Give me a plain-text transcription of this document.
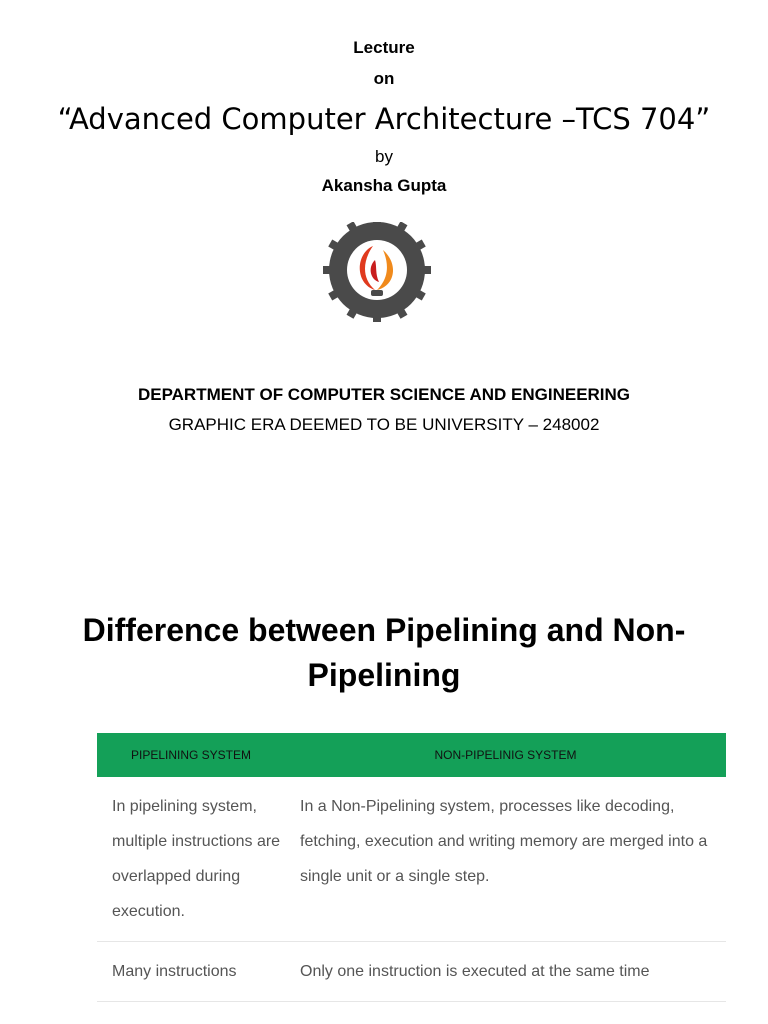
Lecture
on
“Advanced Computer Architecture –TCS 704”
by
Akansha Gupta
DEPARTMENT OF COMPUTER SCIENCE AND ENGINEERING
GRAPHIC ERA DEEMED TO BE UNIVERSITY – 248002
Difference between Pipelining and Non-Pipelining
PIPELINING SYSTEM	NON-PIPELINIG SYSTEM
In pipelining system, multiple instructions are overlapped during execution.
In a Non-Pipelining system, processes like decoding, fetching, execution and writing memory are merged into a single unit or a single step.
Many instructions	Only one instruction is executed at the same time
